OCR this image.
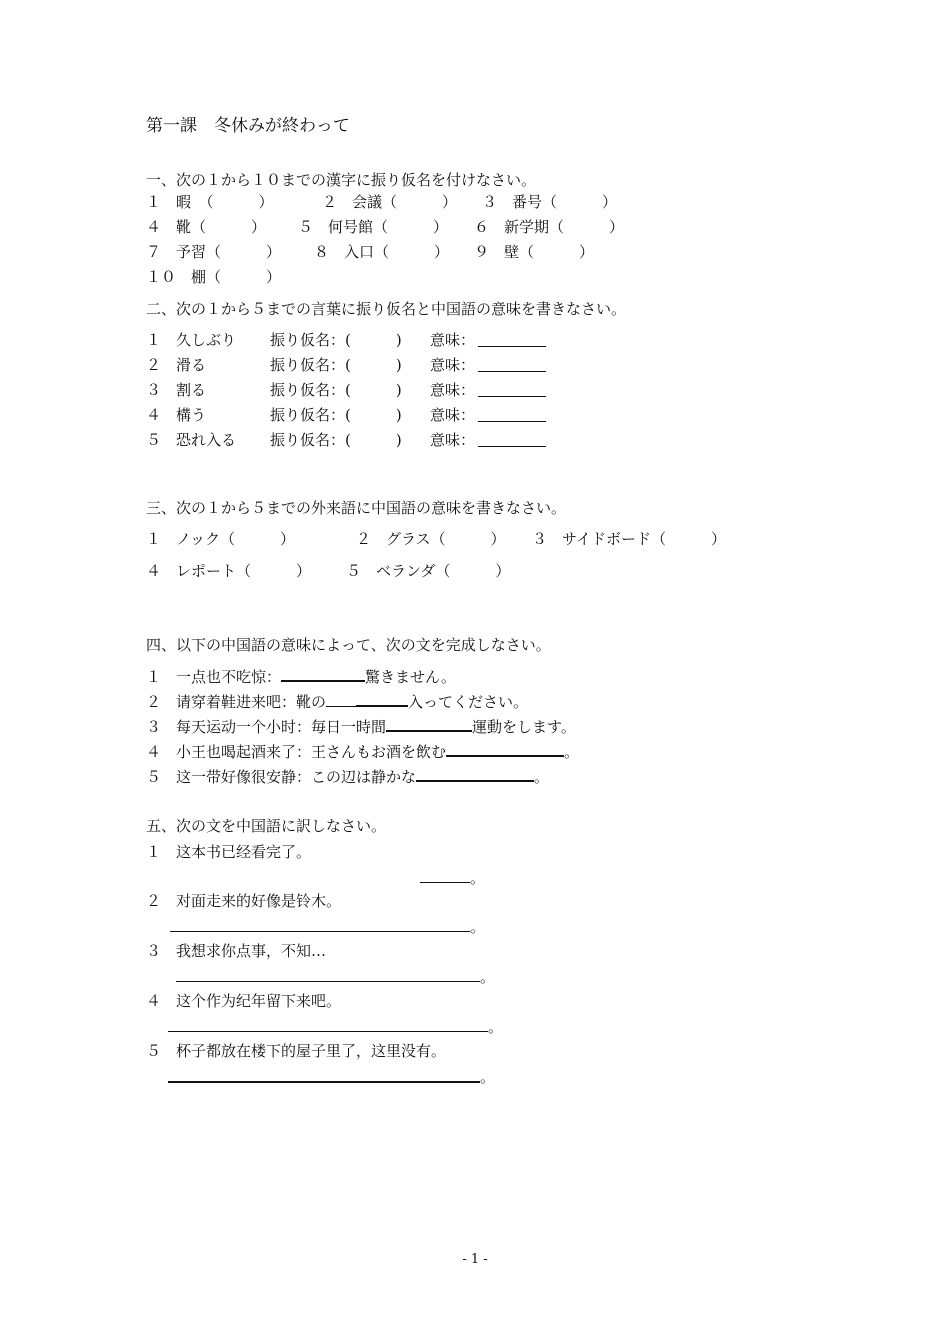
第一課　冬休みが終わって
一、次の１から１０までの漢字に振り仮名を付けなさい。
１　暇　（　　　）	２　会議（　　　） ３　番号（　　　）
４　靴（　　　） ５　何号館（　　　） ６　新学期（　　　）
７　予習（　　　） ８　入口（　　　） ９　壁（　　　）
１０　棚（　　　）
二、次の１から５までの言葉に振り仮名と中国語の意味を書きなさい。
１　久しぶり 振り仮名：(　　　) 意味：
２　滑る	振り仮名：(　　　) 意味：
３　割る	振り仮名：(　　　) 意味：
４　構う	振り仮名：(　　　) 意味：
５　恐れ入る 振り仮名：(　　　) 意味：
三、次の１から５までの外来語に中国語の意味を書きなさい。
１　ノック（　　　）	２　グラス（　　　） ３　サイドボード（　　　）
４　レポート（　　　） ５　ベランダ（　　　）
四、以下の中国語の意味によって、次の文を完成しなさい。
１　一点也不吃惊：	驚きません。
２　请穿着鞋进来吧：靴の	入ってください。
３　每天运动一个小时：毎日一時間	運動をします。
４　小王也喝起酒来了：王さんもお酒を飲む	。
５　这一带好像很安静：この辺は静かな	。
五、次の文を中国語に訳しなさい。
１　这本书已经看完了。
。
２　对面走来的好像是铃木。
。
３　我想求你点事，不知…
。
４　这个作为纪年留下来吧。
。
５　杯子都放在楼下的屋子里了，这里没有。
。
- 1 -
